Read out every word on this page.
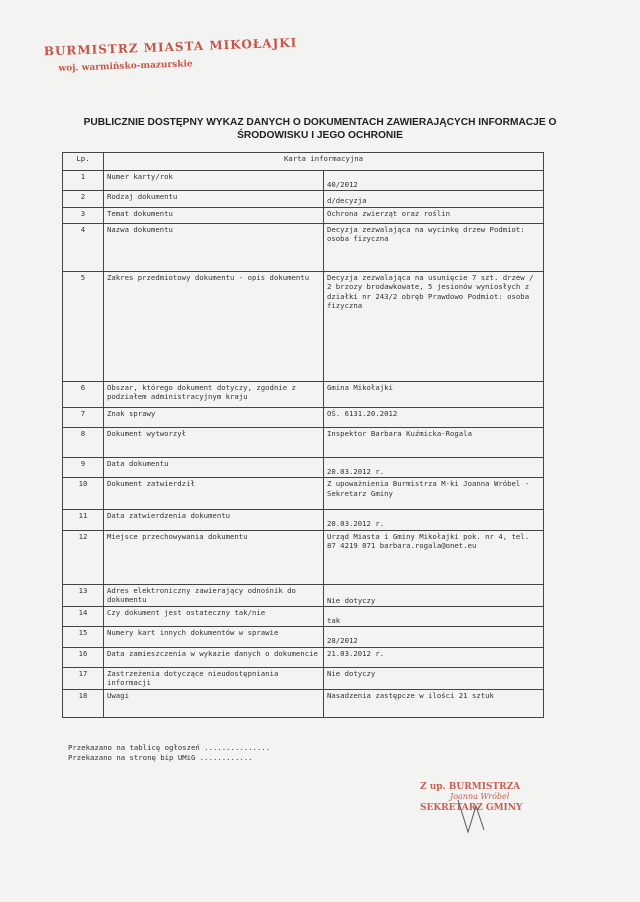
BURMISTRZ MIASTA MIKOŁAJKI
woj. warmińsko-mazurskie
PUBLICZNIE DOSTĘPNY WYKAZ DANYCH O DOKUMENTACH ZAWIERAJĄCYCH INFORMACJE O
ŚRODOWISKU I JEGO OCHRONIE
Lp.	Karta informacyjna	
1	Numer karty/rok	40/2012

2	Rodzaj dokumentu	d/decyzja

3	Temat dokumentu	Ochrona zwierząt oraz roślin

4	Nazwa dokumentu	Decyzja zezwalająca na wycinkę drzew Podmiot: osoba fizyczna

5	Zakres przedmiotowy dokumentu - opis dokumentu	Decyzja zezwalająca na usunięcie 7 szt. drzew / 2 brzozy brodawkowate, 5 jesionów wyniosłych z działki nr 243/2 obręb Prawdowo Podmiot: osoba fizyczna

6	Obszar, którego dokument dotyczy, zgodnie z podziałem administracyjnym kraju	Gmina Mikołajki

7	Znak sprawy	OŚ. 6131.20.2012

8	Dokument wytworzył	Inspektor Barbara Kuźmicka-Rogala

9	Data dokumentu	20.03.2012 r.

10	Dokument zatwierdził	Z upoważnienia Burmistrza M-ki Joanna Wróbel - Sekretarz Gminy

11	Data zatwierdzenia dokumentu	20.03.2012 r.

12	Miejsce przechowywania dokumentu	Urząd Miasta i Gminy Mikołajki pok. nr 4, tel. 87 4219 071 barbara.rogala@onet.eu

13	Adres elektroniczny zawierający odnośnik do dokumentu	Nie dotyczy

14	Czy dokument jest ostateczny tak/nie	tak

15	Numery kart innych dokumentów w sprawie	28/2012

16	Data zamieszczenia w wykazie danych o dokumencie	21.03.2012 r.

17	Zastrzeżenia dotyczące nieudostępniania informacji	Nie dotyczy

18	Uwagi	Nasadzenia zastępcze w ilości 21 sztuk
Przekazano na tablicę ogłoszeń ...............
Przekazano na stronę bip UMiG ............
Z up. BURMISTRZA
Joanna Wróbel
SEKRETARZ GMINY
